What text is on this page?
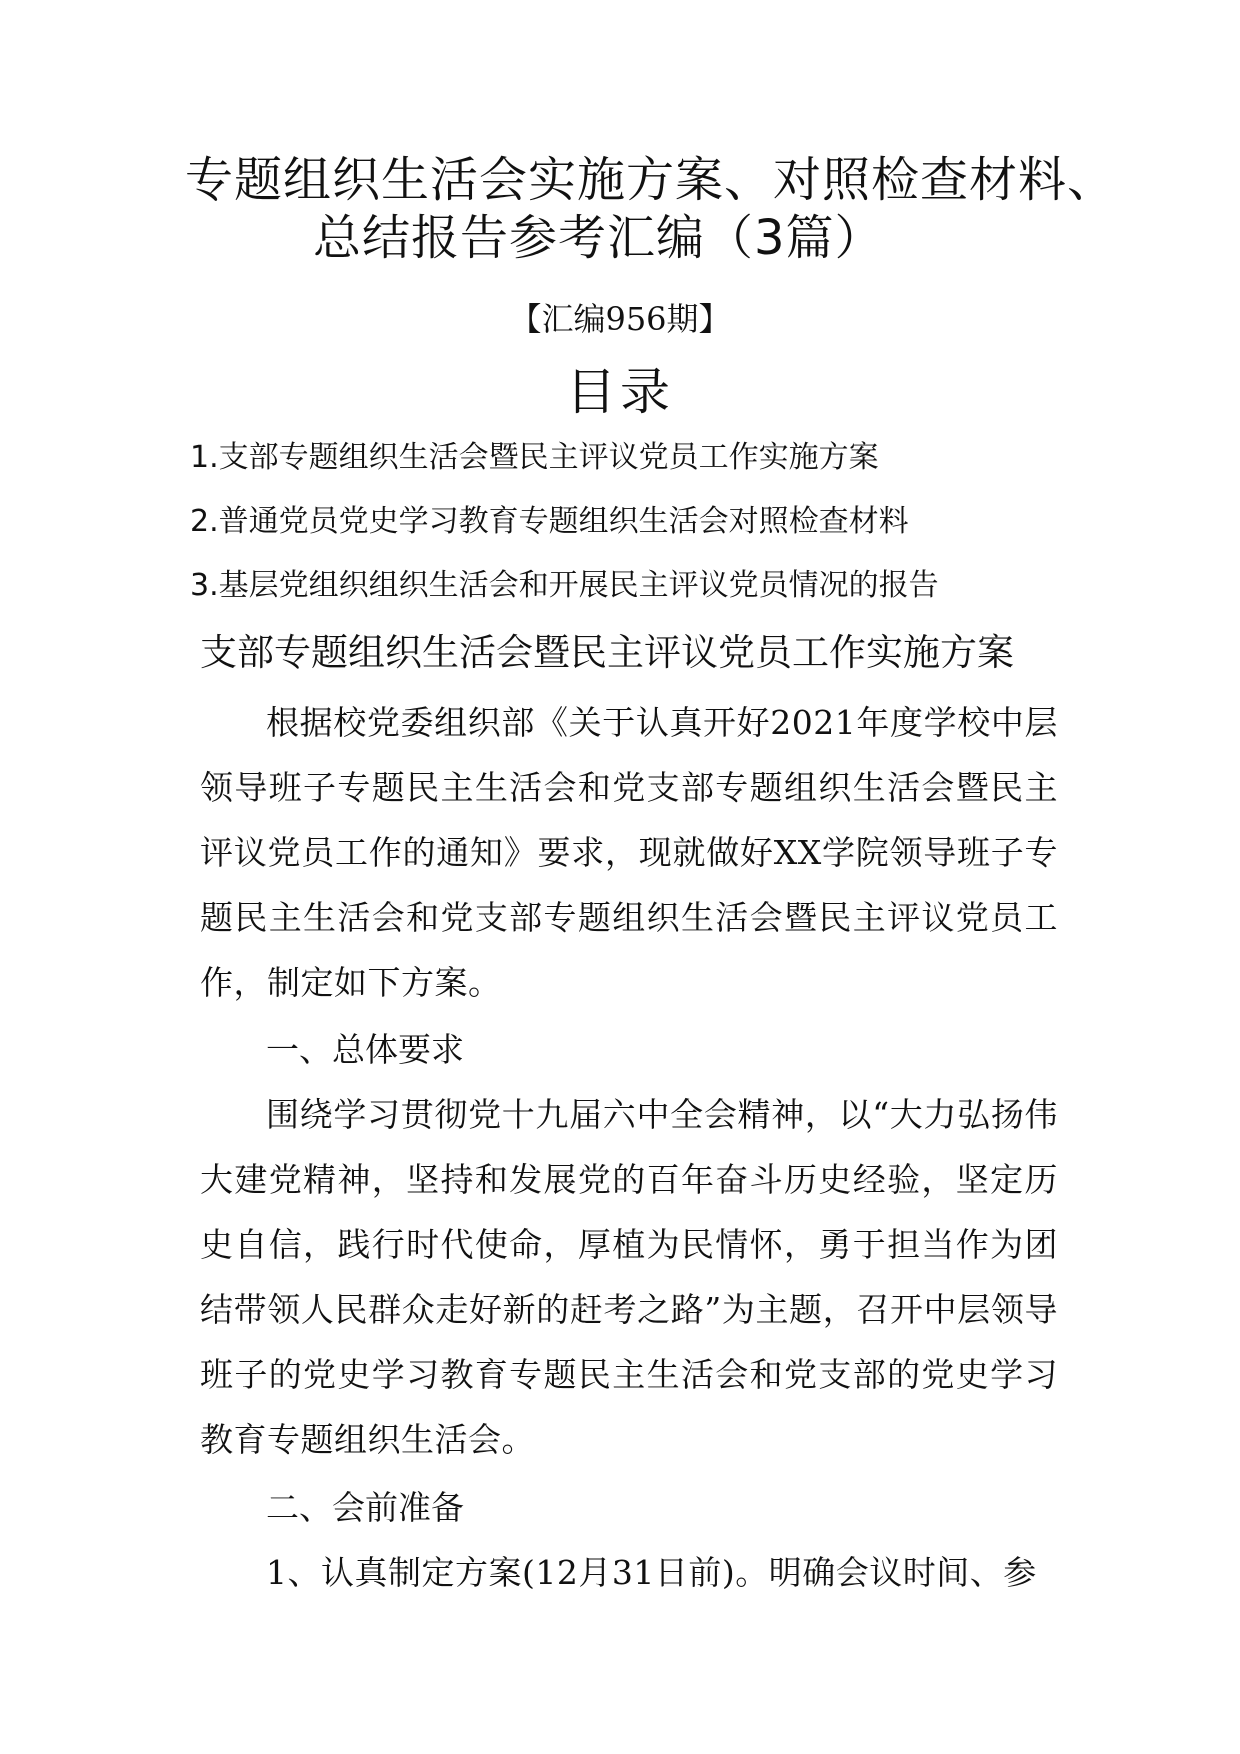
专题组织生活会实施方案、对照检查材料、
总结报告参考汇编（3篇）
【汇编956期】
目录
1.支部专题组织生活会暨民主评议党员工作实施方案
2.普通党员党史学习教育专题组织生活会对照检查材料
3.基层党组织组织生活会和开展民主评议党员情况的报告
支部专题组织生活会暨民主评议党员工作实施方案
根据校党委组织部《关于认真开好2021年度学校中层领导班子专题民主生活会和党支部专题组织生活会暨民主评议党员工作的通知》要求，现就做好XX学院领导班子专题民主生活会和党支部专题组织生活会暨民主评议党员工作，制定如下方案。
一、总体要求
围绕学习贯彻党十九届六中全会精神，以“大力弘扬伟大建党精神，坚持和发展党的百年奋斗历史经验，坚定历史自信，践行时代使命，厚植为民情怀，勇于担当作为团结带领人民群众走好新的赶考之路”为主题，召开中层领导班子的党史学习教育专题民主生活会和党支部的党史学习教育专题组织生活会。
二、会前准备
1、认真制定方案(12月31日前)。明确会议时间、参
